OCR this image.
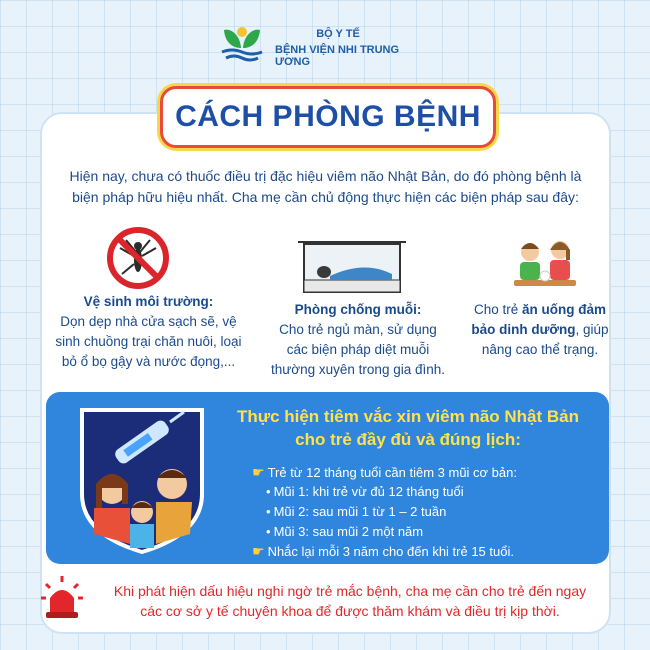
BỘ Y TẾ
BỆNH VIỆN NHI TRUNG ƯƠNG
CÁCH PHÒNG BỆNH
Hiện nay, chưa có thuốc điều trị đặc hiệu viêm não Nhật Bản, do đó phòng bệnh là
biện pháp hữu hiệu nhất. Cha mẹ cần chủ động thực hiện các biện pháp sau đây:
Vệ sinh môi trường:
Dọn dẹp nhà cửa sạch sẽ, vệ
sinh chuồng trại chăn nuôi, loại
bỏ ổ bọ gậy và nước đọng,...
Phòng chống muỗi:
Cho trẻ ngủ màn, sử dụng
các biện pháp diệt muỗi
thường xuyên trong gia đình.
Cho trẻ ăn uống đảm
bảo dinh dưỡng, giúp
nâng cao thể trạng.
Thực hiện tiêm vắc xin viêm não Nhật Bản
cho trẻ đầy đủ và đúng lịch:
☛ Trẻ từ 12 tháng tuổi cần tiêm 3 mũi cơ bản:
• Mũi 1: khi trẻ vừ đủ 12 tháng tuổi
• Mũi 2: sau mũi 1 từ 1 – 2 tuần
• Mũi 3: sau mũi 2 một năm
☛ Nhắc lại mỗi 3 năm cho đến khi trẻ 15 tuổi.
Khi phát hiện dấu hiệu nghi ngờ trẻ mắc bệnh, cha mẹ cần cho trẻ đến ngay
các cơ sở y tế chuyên khoa để được thăm khám và điều trị kịp thời.
